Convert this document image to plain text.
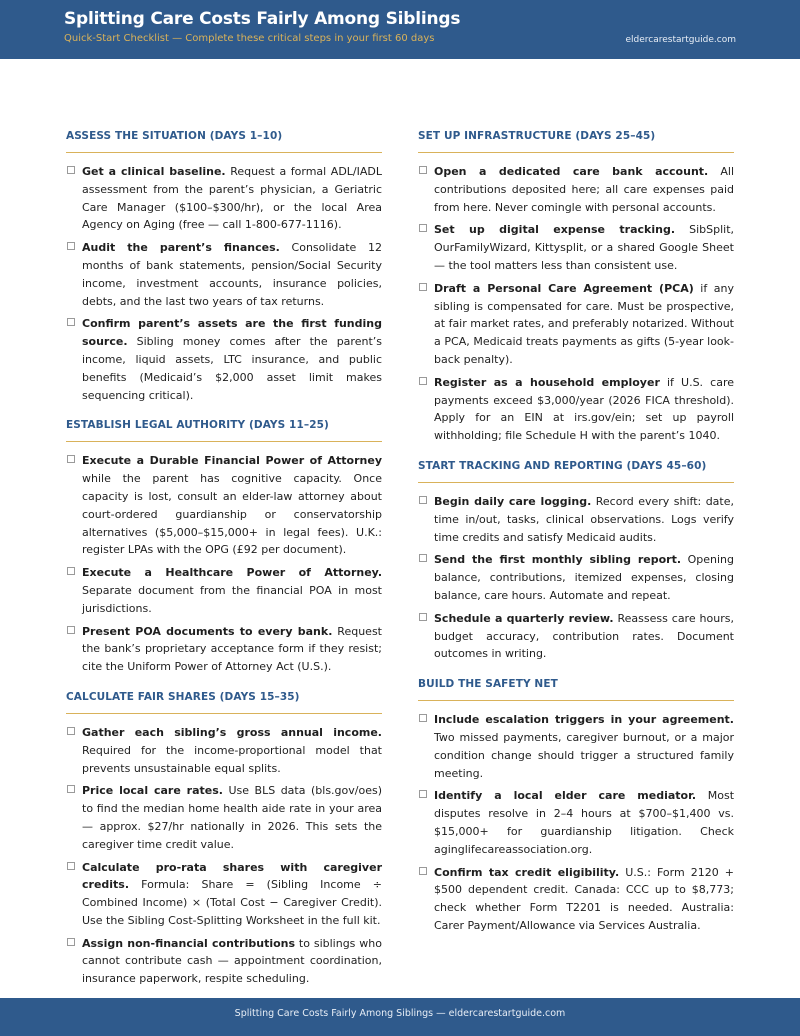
Splitting Care Costs Fairly Among Siblings
Quick-Start Checklist — Complete these critical steps in your first 60 days	eldercarestartguide.com
ASSESS THE SITUATION (DAYS 1–10)
Get a clinical baseline. Request a formal ADL/IADL assessment from the parent’s physician, a Geriatric Care Manager ($100–$300/hr), or the local Area Agency on Aging (free — call 1-800-677-1116).
Audit the parent’s finances. Consolidate 12 months of bank statements, pension/Social Security income, investment accounts, insurance policies, debts, and the last two years of tax returns.
Confirm parent’s assets are the first funding source. Sibling money comes after the parent’s income, liquid assets, LTC insurance, and public benefits (Medicaid’s $2,000 asset limit makes sequencing critical).
ESTABLISH LEGAL AUTHORITY (DAYS 11–25)
Execute a Durable Financial Power of Attorney while the parent has cognitive capacity. Once capacity is lost, consult an elder-law attorney about court-ordered guardianship or conservatorship alternatives ($5,000–$15,000+ in legal fees). U.K.: register LPAs with the OPG (£92 per document).
Execute a Healthcare Power of Attorney. Separate document from the financial POA in most jurisdictions.
Present POA documents to every bank. Request the bank’s proprietary acceptance form if they resist; cite the Uniform Power of Attorney Act (U.S.).
CALCULATE FAIR SHARES (DAYS 15–35)
Gather each sibling’s gross annual income. Required for the income-proportional model that prevents unsustainable equal splits.
Price local care rates. Use BLS data (bls.gov/oes) to find the median home health aide rate in your area — approx. $27/hr nationally in 2026. This sets the caregiver time credit value.
Calculate pro-rata shares with caregiver credits. Formula: Share = (Sibling Income ÷ Combined Income) × (Total Cost − Caregiver Credit). Use the Sibling Cost-Splitting Worksheet in the full kit.
Assign non-financial contributions to siblings who cannot contribute cash — appointment coordination, insurance paperwork, respite scheduling.
SET UP INFRASTRUCTURE (DAYS 25–45)
Open a dedicated care bank account. All contributions deposited here; all care expenses paid from here. Never comingle with personal accounts.
Set up digital expense tracking. SibSplit, OurFamilyWizard, Kittysplit, or a shared Google Sheet — the tool matters less than consistent use.
Draft a Personal Care Agreement (PCA) if any sibling is compensated for care. Must be prospective, at fair market rates, and preferably notarized. Without a PCA, Medicaid treats payments as gifts (5-year look-back penalty).
Register as a household employer if U.S. care payments exceed $3,000/year (2026 FICA threshold). Apply for an EIN at irs.gov/ein; set up payroll withholding; file Schedule H with the parent’s 1040.
START TRACKING AND REPORTING (DAYS 45–60)
Begin daily care logging. Record every shift: date, time in/out, tasks, clinical observations. Logs verify time credits and satisfy Medicaid audits.
Send the first monthly sibling report. Opening balance, contributions, itemized expenses, closing balance, care hours. Automate and repeat.
Schedule a quarterly review. Reassess care hours, budget accuracy, contribution rates. Document outcomes in writing.
BUILD THE SAFETY NET
Include escalation triggers in your agreement. Two missed payments, caregiver burnout, or a major condition change should trigger a structured family meeting.
Identify a local elder care mediator. Most disputes resolve in 2–4 hours at $700–$1,400 vs. $15,000+ for guardianship litigation. Check aginglifecareassociation.org.
Confirm tax credit eligibility. U.S.: Form 2120 + $500 dependent credit. Canada: CCC up to $8,773; check whether Form T2201 is needed. Australia: Carer Payment/Allowance via Services Australia.
Splitting Care Costs Fairly Among Siblings — eldercarestartguide.com
